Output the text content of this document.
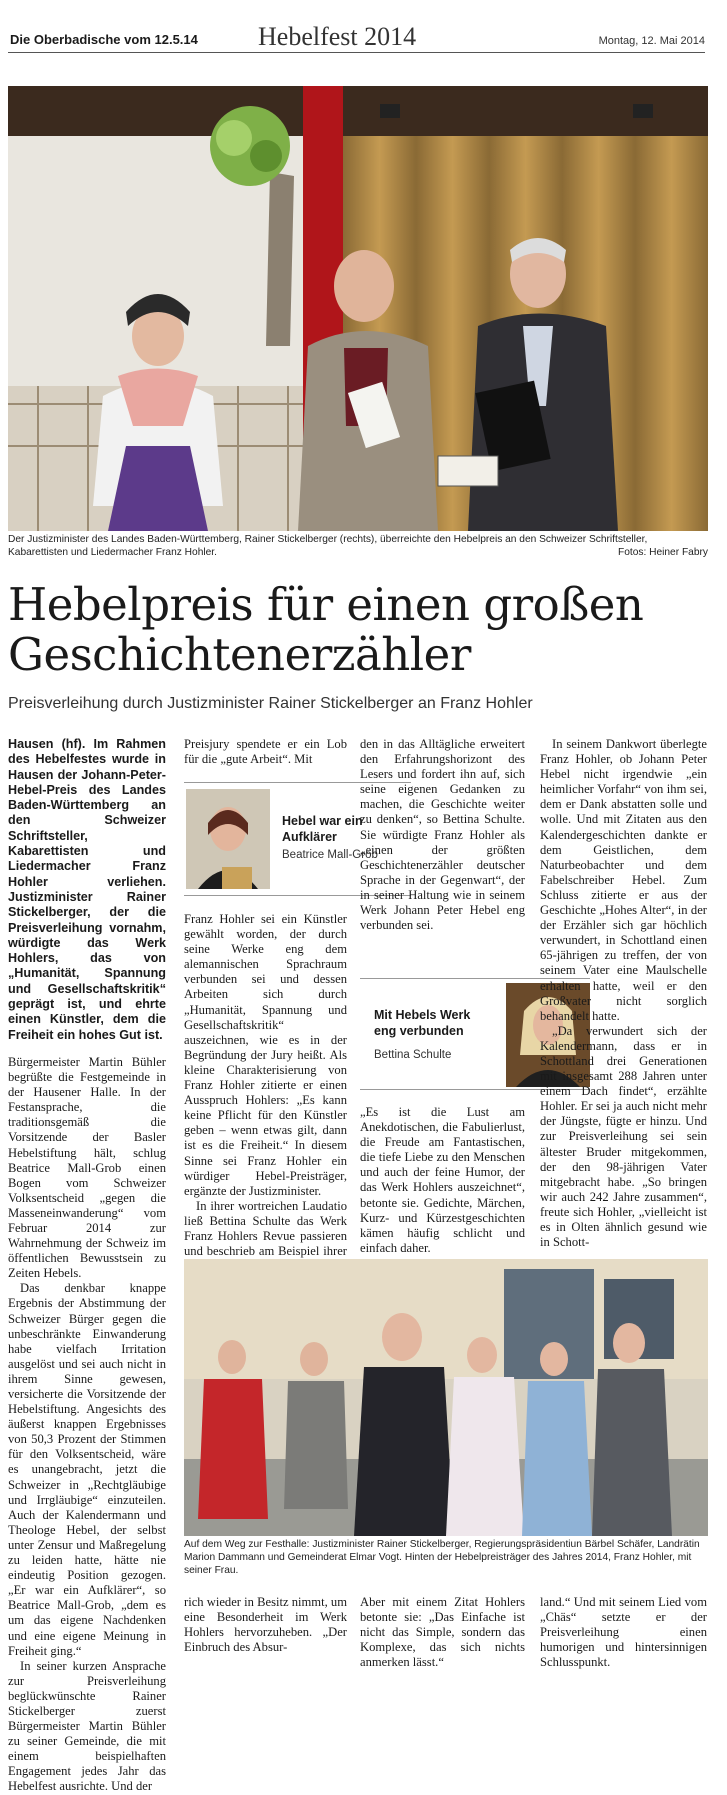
Die Oberbadische vom 12.5.14 Hebelfest 2014	Montag, 12. Mai 2014
Der Justizminister des Landes Baden-Württemberg, Rainer Stickelberger (rechts), überreichte den Hebelpreis an den Schweizer Schriftsteller, Kabarettisten und Liedermacher Franz Hohler.	Fotos: Heiner Fabry
Hebelpreis für einen großen Geschichtenerzähler
Preisverleihung durch Justizminister Rainer Stickelberger an Franz Hohler

Hausen (hf). Im Rahmen des Hebelfestes wurde in Hausen der Johann-Peter-Hebel-Preis des Landes Baden-Württemberg an den Schweizer Schriftsteller, Kabarettisten und Liedermacher Franz Hohler verliehen. Justizminister Rainer Stickelberger, der die Preisverleihung vornahm, würdigte das Werk Hohlers, das von „Humanität, Spannung und Gesellschaftskritik“ geprägt ist, und ehrte einen Künstler, dem die Freiheit ein hohes Gut ist.

Bürgermeister Martin Bühler begrüßte die Festgemeinde in der Hausener Halle. In der Festansprache, die traditionsgemäß die Vorsitzende der Basler Hebelstiftung hält, schlug Beatrice Mall-Grob einen Bogen vom Schweizer Volksentscheid „gegen die Masseneinwanderung“ vom Februar 2014 zur Wahrnehmung der Schweiz im öffentlichen Bewusstsein zu Zeiten Hebels.

Das denkbar knappe Ergebnis der Abstimmung der Schweizer Bürger gegen die unbeschränkte Einwanderung habe vielfach Irritation ausgelöst und sei auch nicht in ihrem Sinne gewesen, versicherte die Vorsitzende der Hebelstiftung. Angesichts des äußerst knappen Ergebnisses von 50,3 Prozent der Stimmen für den Volksentscheid, wäre es unangebracht, jetzt die Schweizer in „Rechtgläubige und Irrgläubige“ einzuteilen. Auch der Kalendermann und Theologe Hebel, der selbst unter Zensur und Maßregelung zu leiden hatte, hätte nie eindeutig Position gezogen. „Er war ein Aufklärer“, so Beatrice Mall-Grob, „dem es um das eigene Nachdenken und eine eigene Meinung in Freiheit ging.“

In seiner kurzen Ansprache zur Preisverleihung beglückwünschte Rainer Stickelberger zuerst Bürgermeister Martin Bühler zu seiner Gemeinde, die mit einem beispielhaften Engagement jedes Jahr das Hebelfest ausrichte. Und der

Preisjury spendete er ein Lob für die „gute Arbeit“. Mit

Hebel war ein Aufklärer
Beatrice Mall-Grob

Franz Hohler sei ein Künstler gewählt worden, der durch seine Werke eng dem alemannischen Sprachraum verbunden sei und dessen Arbeiten sich durch „Humanität, Spannung und Gesellschaftskritik“ auszeichnen, wie es in der Begründung der Jury heißt. Als kleine Charakterisierung von Franz Hohler zitierte er einen Ausspruch Hohlers: „Es kann keine Pflicht für den Künstler geben – wenn etwas gilt, dann ist es die Freiheit.“ In diesem Sinne sei Franz Hohler ein würdiger Hebel-Preisträger, ergänzte der Justizminister.

In ihrer wortreichen Laudatio ließ Bettina Schulte das Werk Franz Hohlers Revue passieren und beschrieb am Beispiel ihrer

den in das Alltägliche erweitert den Erfahrungshorizont des Lesers und fordert ihn auf, sich seine eigenen Gedanken zu machen, die Geschichte weiter zu denken“, so Bettina Schulte. Sie würdigte Franz Hohler als „einen der größten Geschichtenerzähler deutscher Sprache in der Gegenwart“, der in seiner Haltung wie in seinem Werk Johann Peter Hebel eng verbunden sei.

Mit Hebels Werk eng verbunden
Bettina Schulte

„Es ist die Lust am Anekdotischen, die Fabulierlust, die Freude am Fantastischen, die tiefe Liebe zu den Menschen und auch der feine Humor, der das Werk Hohlers auszeichnet“, betonte sie. Gedichte, Märchen, Kurz- und Kürzestgeschichten kämen häufig schlicht und einfach daher.

In seinem Dankwort überlegte Franz Hohler, ob Johann Peter Hebel nicht irgendwie „ein heimlicher Vorfahr“ von ihm sei, dem er Dank abstatten solle und wolle. Und mit Zitaten aus den Kalendergeschichten dankte er dem Geistlichen, dem Naturbeobachter und dem Fabelschreiber Hebel. Zum Schluss zitierte er aus der Geschichte „Hohes Alter“, in der der Erzähler sich gar höchlich verwundert, in Schottland einen 65-jährigen zu treffen, der von seinem Vater eine Maulschelle erhalten hatte, weil er den Großvater nicht sorglich behandelt hatte.

„Da verwundert sich der Kalendermann, dass er in Schottland drei Generationen mit insgesamt 288 Jahren unter einem Dach findet“, erzählte Hohler. Er sei ja auch nicht mehr der Jüngste, fügte er hinzu. Und zur Preisverleihung sei sein ältester Bruder mitgekommen, der den 98-jährigen Vater mitgebracht habe. „So bringen wir auch 242 Jahre zusammen“, freute sich Hohler, „vielleicht ist es in Olten ähnlich gesund wie in Schott-

Auf dem Weg zur Festhalle: Justizminister Rainer Stickelberger, Regierungspräsidentiun Bärbel Schäfer, Landrätin Marion Dammann und Gemeinderat Elmar Vogt. Hinten der Hebelpreisträger des Jahres 2014, Franz Hohler, mit seiner Frau.

rich wieder in Besitz nimmt, um eine Besonderheit im Werk Hohlers hervorzuheben. „Der Einbruch des Absur-

Aber mit einem Zitat Hohlers betonte sie: „Das Einfache ist nicht das Simple, sondern das Komplexe, das sich nichts anmerken lässt.“

land.“ Und mit seinem Lied vom „Chäs“ setzte er der Preisverleihung einen humorigen und hintersinnigen Schlusspunkt.
